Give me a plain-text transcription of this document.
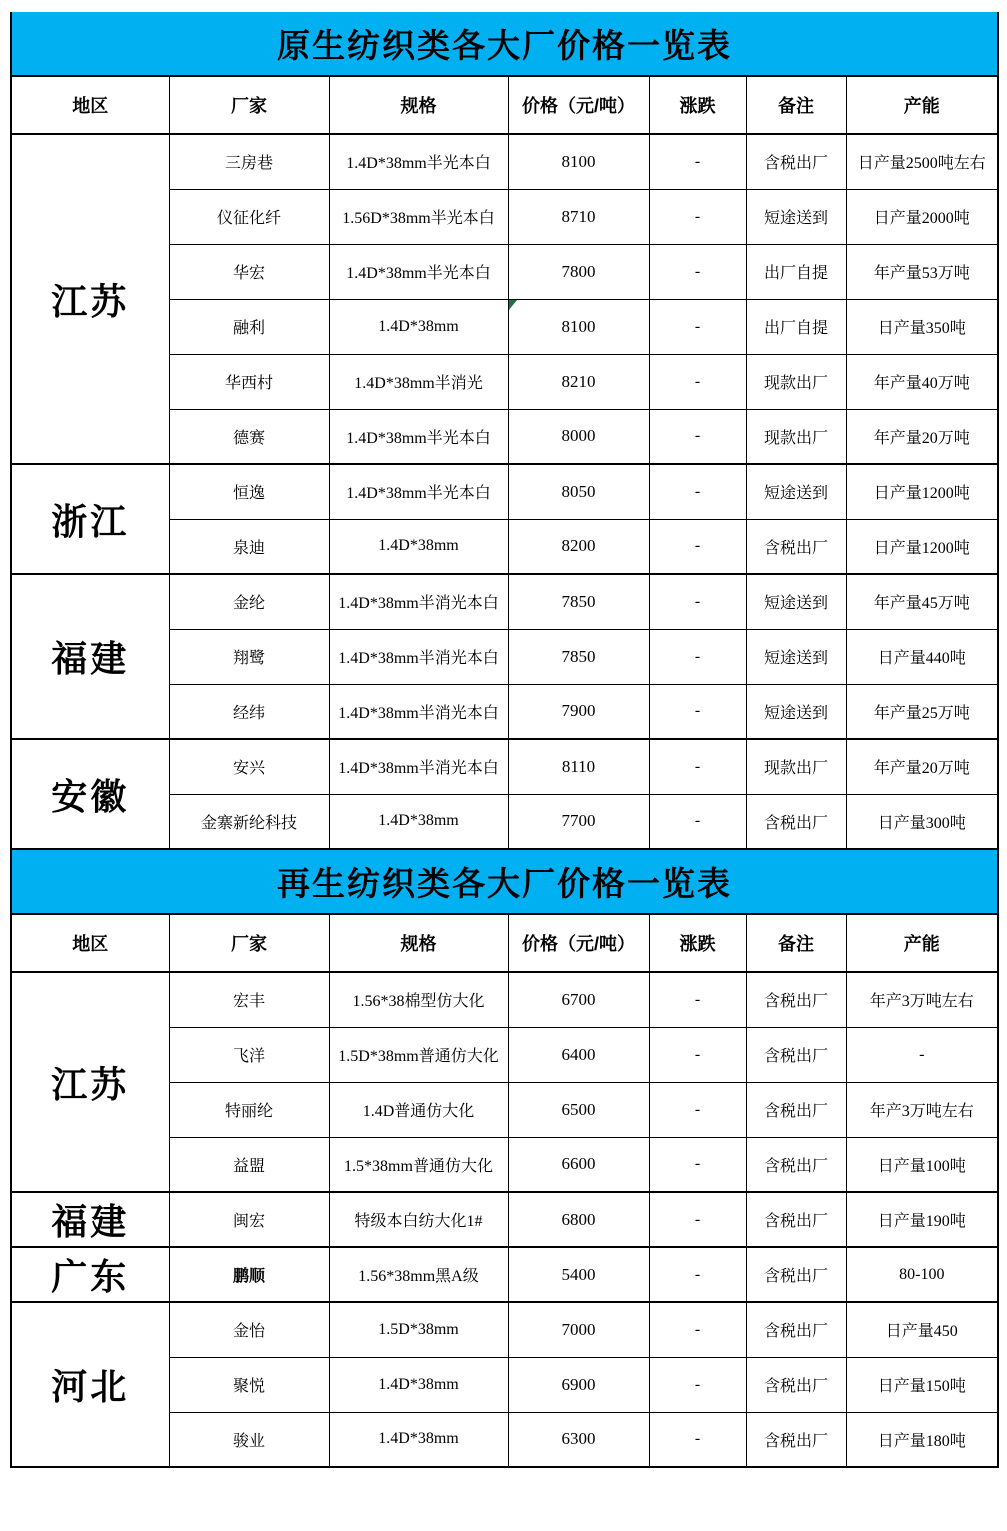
原生纺织类各大厂价格一览表						
地区	厂家	规格	价格（元/吨）	涨跌	备注	产能
江苏	三房巷	1.4D*38mm半光本白	8100	-	含税出厂	日产量2500吨左右
	仪征化纤	1.56D*38mm半光本白	8710	-	短途送到	日产量2000吨
	华宏	1.4D*38mm半光本白	7800	-	出厂自提	年产量53万吨
	融利	1.4D*38mm	8100	-	出厂自提	日产量350吨
	华西村	1.4D*38mm半消光	8210	-	现款出厂	年产量40万吨
	德赛	1.4D*38mm半光本白	8000	-	现款出厂	年产量20万吨
浙江	恒逸	1.4D*38mm半光本白	8050	-	短途送到	日产量1200吨
	泉迪	1.4D*38mm	8200	-	含税出厂	日产量1200吨
福建	金纶	1.4D*38mm半消光本白	7850	-	短途送到	年产量45万吨
	翔鹭	1.4D*38mm半消光本白	7850	-	短途送到	日产量440吨
	经纬	1.4D*38mm半消光本白	7900	-	短途送到	年产量25万吨
安徽	安兴	1.4D*38mm半消光本白	8110	-	现款出厂	年产量20万吨
	金寨新纶科技	1.4D*38mm	7700	-	含税出厂	日产量300吨
再生纺织类各大厂价格一览表						
地区	厂家	规格	价格（元/吨）	涨跌	备注	产能
江苏	宏丰	1.56*38棉型仿大化	6700	-	含税出厂	年产3万吨左右
	飞洋	1.5D*38mm普通仿大化	6400	-	含税出厂	-
	特丽纶	1.4D普通仿大化	6500	-	含税出厂	年产3万吨左右
	益盟	1.5*38mm普通仿大化	6600	-	含税出厂	日产量100吨
福建	闽宏	特级本白纺大化1#	6800	-	含税出厂	日产量190吨
广东	鹏顺	1.56*38mm黑A级	5400	-	含税出厂	80-100
河北	金怡	1.5D*38mm	7000	-	含税出厂	日产量450
	聚悦	1.4D*38mm	6900	-	含税出厂	日产量150吨
	骏业	1.4D*38mm	6300	-	含税出厂	日产量180吨
